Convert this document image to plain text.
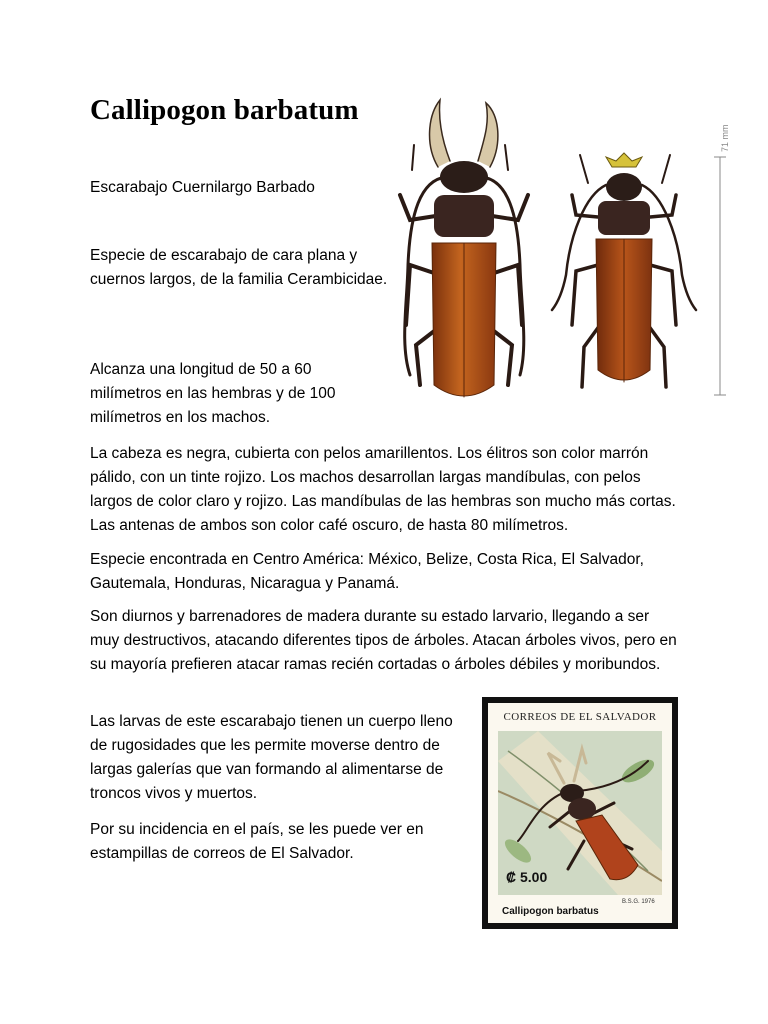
Callipogon barbatum

Escarabajo Cuernilargo Barbado

Especie de escarabajo de cara plana y cuernos largos, de la familia Cerambicidae.

Alcanza una longitud de 50 a 60 milímetros en las hembras y de 100 milímetros en los machos.

La cabeza es negra, cubierta con pelos amarillentos. Los élitros son color marrón pálido, con un tinte rojizo. Los machos desarrollan largas mandíbulas, con pelos largos de color claro y rojizo. Las mandíbulas de las hembras son mucho más cortas. Las antenas de ambos son color café oscuro, de hasta 80 milímetros.

Especie encontrada en Centro América: México, Belize, Costa Rica, El Salvador, Gautemala, Honduras, Nicaragua y Panamá.

Son diurnos y barrenadores de madera durante su estado larvario, llegando a ser muy destructivos, atacando diferentes tipos de árboles. Atacan árboles vivos, pero en su mayoría prefieren atacar ramas recién cortadas o árboles débiles y moribundos.

Las larvas de este escarabajo tienen un cuerpo lleno de rugosidades que les permite moverse dentro de largas galerías que van formando al alimentarse de troncos vivos y muertos.

Por su incidencia en el país, se les puede ver en estampillas de correos de El Salvador.

71 mm
CORREOS DE EL SALVADOR
₡ 5.00
B.S.G. 1976
Callipogon barbatus
